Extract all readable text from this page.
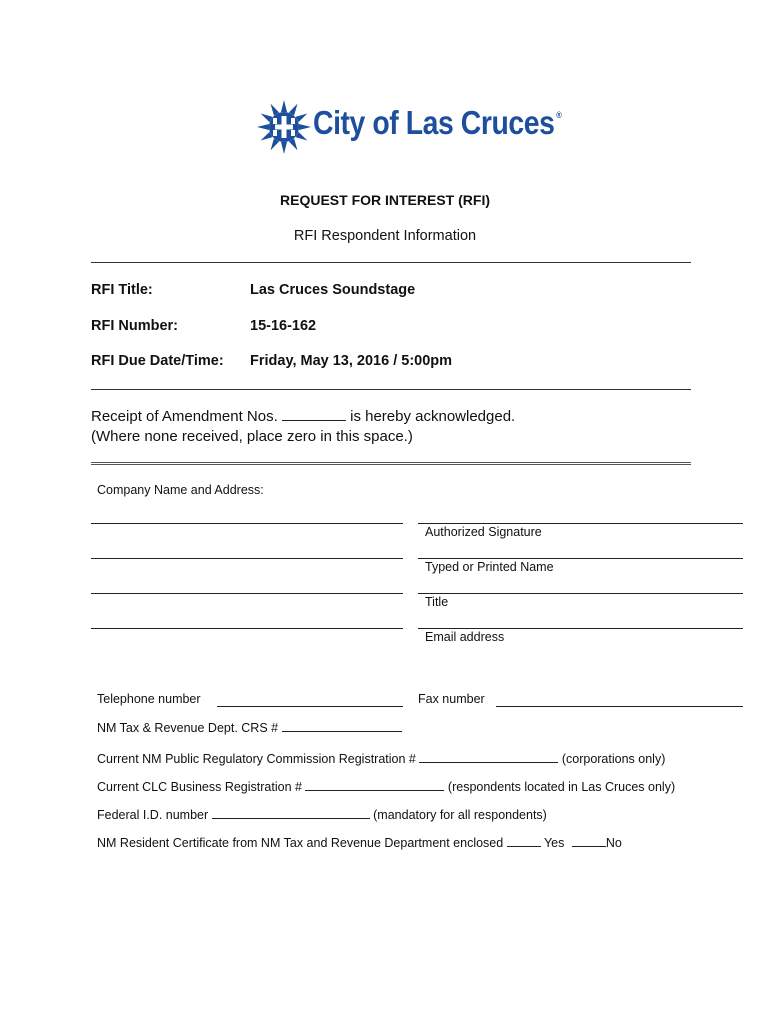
City of Las Cruces ®
REQUEST FOR INTEREST (RFI)
RFI Respondent Information
RFI Title:	Las Cruces Soundstage
RFI Number:	15-16-162
RFI Due Date/Time: Friday, May 13, 2016 / 5:00pm
Receipt of Amendment Nos.	is hereby acknowledged.
(Where none received, place zero in this space.)
Company Name and Address:
Authorized Signature
Typed or Printed Name
Title
Email address
Telephone number	Fax number
NM Tax & Revenue Dept. CRS #
Current NM Public Regulatory Commission Registration #	(corporations only)
Current CLC Business Registration #	(respondents located in Las Cruces only)
Federal I.D. number	(mandatory for all respondents)
NM Resident Certificate from NM Tax and Revenue Department enclosed	Yes	No
